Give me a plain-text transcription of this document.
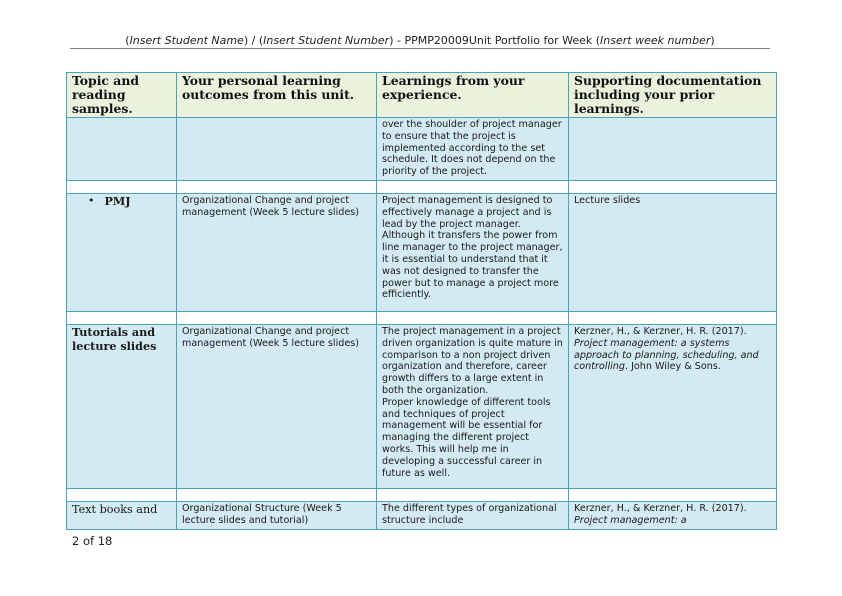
(Insert Student Name) / (Insert Student Number) - PPMP20009Unit Portfolio for Week (Insert week number)
Topic and reading samples.	Your personal learning outcomes from this unit.	Learnings from your experience.	Supporting documentation including your prior learnings.
		over the shoulder of project manager to ensure that the project is implemented according to the set schedule. It does not depend on the priority of the project.	

• PMJ	Organizational Change and project management (Week 5 lecture slides)	Project management is designed to effectively manage a project and is lead by the project manager. Although it transfers the power from line manager to the project manager, it is essential to understand that it was not designed to transfer the power but to manage a project more efficiently.	Lecture slides

Tutorials and lecture slides	Organizational Change and project management (Week 5 lecture slides)	The project management in a project driven organization is quite mature in comparison to a non project driven organization and therefore, career growth differs to a large extent in both the organization.
Proper knowledge of different tools and techniques of project management will be essential for managing the different project works. This will help me in developing a successful career in future as well.	Kerzner, H., & Kerzner, H. R. (2017). Project management: a systems approach to planning, scheduling, and controlling. John Wiley & Sons.

Text books and	Organizational Structure (Week 5 lecture slides and tutorial)	The different types of organizational structure include	Kerzner, H., & Kerzner, H. R. (2017). Project management: a
2 of 18
